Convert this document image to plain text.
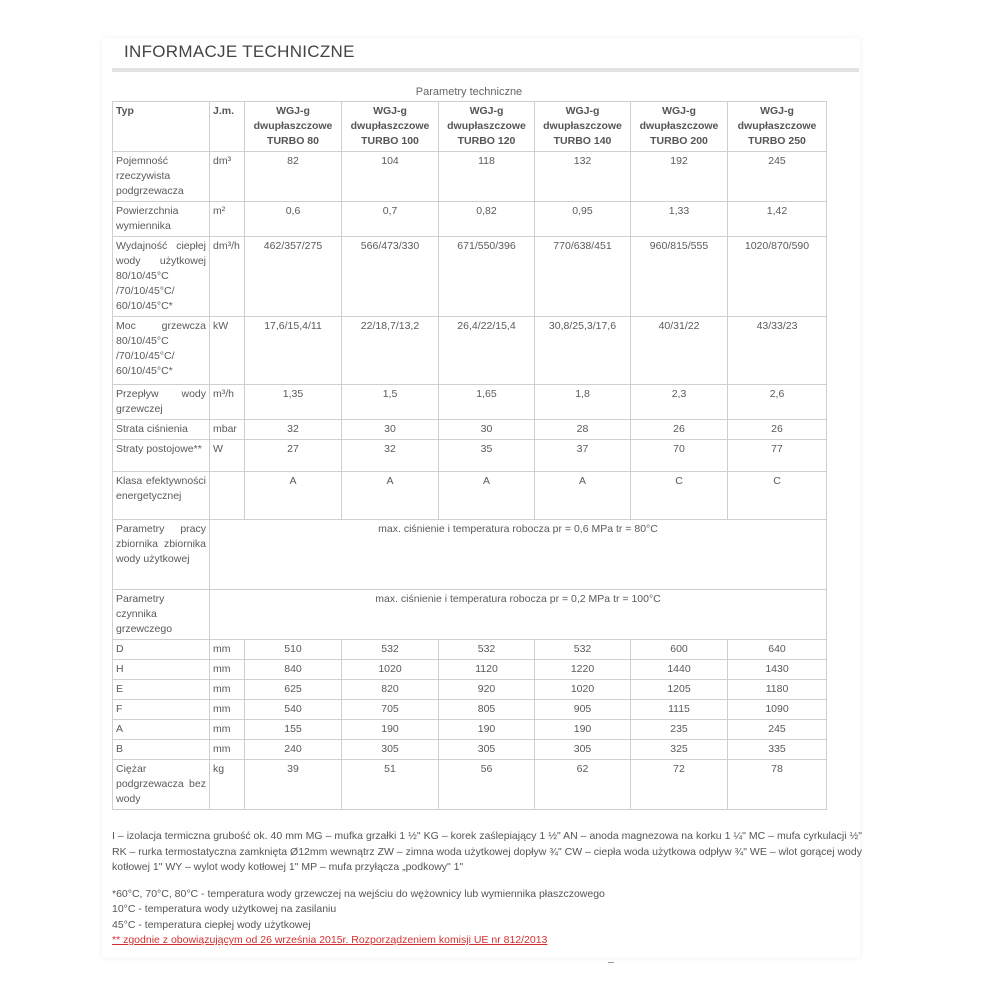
INFORMACJE TECHNICZNE
Parametry techniczne
Typ	J.m.	WGJ-g dwupłaszczowe TURBO 80	WGJ-g dwupłaszczowe TURBO 100	WGJ-g dwupłaszczowe TURBO 120	WGJ-g dwupłaszczowe TURBO 140	WGJ-g dwupłaszczowe TURBO 200	WGJ-g dwupłaszczowe TURBO 250
Pojemność rzeczywista podgrzewacza	dm³	82	104	118	132	192	245
Powierzchnia wymiennika	m²	0,6	0,7	0,82	0,95	1,33	1,42
Wydajność ciepłej wody użytkowej 80/10/45°C /70/10/45°C/ 60/10/45°C*	dm³/h	462/357/275	566/473/330	671/550/396	770/638/451	960/815/555	1020/870/590
Moc grzewcza 80/10/45°C /70/10/45°C/ 60/10/45°C*	kW	17,6/15,4/11	22/18,7/13,2	26,4/22/15,4	30,8/25,3/17,6	40/31/22	43/33/23
Przepływ wody grzewczej	m³/h	1,35	1,5	1,65	1,8	2,3	2,6
Strata ciśnienia	mbar	32	30	30	28	26	26
Straty postojowe**	W	27	32	35	37	70	77
Klasa efektywności energetycznej		A	A	A	A	C	C
Parametry pracy zbiornika zbiornika wody użytkowej	max. ciśnienie i temperatura robocza pr = 0,6 MPa tr = 80°C						
Parametry czynnika grzewczego	max. ciśnienie i temperatura robocza pr = 0,2 MPa tr = 100°C						
D	mm	510	532	532	532	600	640
H	mm	840	1020	1120	1220	1440	1430
E	mm	625	820	920	1020	1205	1180
F	mm	540	705	805	905	1115	1090
A	mm	155	190	190	190	235	245
B	mm	240	305	305	305	325	335
Ciężar podgrzewacza bez wody	kg	39	51	56	62	72	78
I – izolacja termiczna grubość ok. 40 mm MG – mufka grzałki 1 ½" KG – korek zaślepiający 1 ½" AN – anoda magnezowa na korku 1 ¼" MC – mufa cyrkulacji ½" RK – rurka termostatyczna zamknięta Ø12mm wewnątrz ZW – zimna woda użytkowej dopływ ¾" CW – ciepła woda użytkowa odpływ ¾" WE – wlot gorącej wody kotłowej 1" WY – wylot wody kotłowej 1" MP – mufa przyłącza „podkowy" 1"
*60°C, 70°C, 80°C - temperatura wody grzewczej na wejściu do wężownicy lub wymiennika płaszczowego
10°C - temperatura wody użytkowej na zasilaniu
45°C - temperatura ciepłej wody użytkowej
** zgodnie z obowiązującym od 26 września 2015r. Rozporządzeniem komisji UE nr 812/2013
